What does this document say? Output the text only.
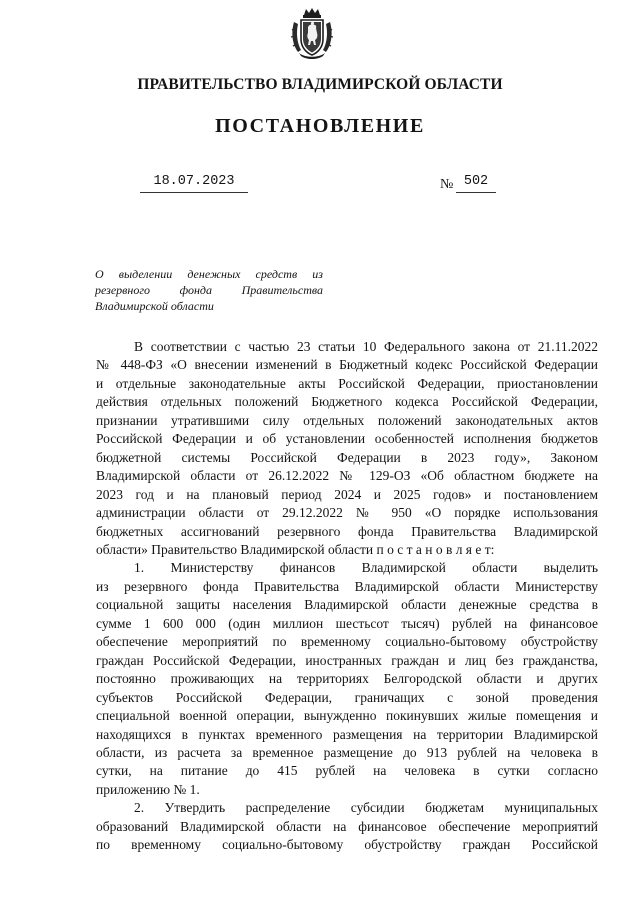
ПРАВИТЕЛЬСТВО ВЛАДИМИРСКОЙ ОБЛАСТИ
ПОСТАНОВЛЕНИЕ
18.07.2023	№ 502

О выделении денежных средств из
резервного фонда Правительства
Владимирской области

В соответствии с частью 23 статьи 10 Федерального закона от 21.11.2022
№ 448-ФЗ «О внесении изменений в Бюджетный кодекс Российской Федерации
и отдельные законодательные акты Российской Федерации, приостановлении
действия отдельных положений Бюджетного кодекса Российской Федерации,
признании утратившими силу отдельных положений законодательных актов
Российской Федерации и об установлении особенностей исполнения бюджетов
бюджетной системы Российской Федерации в 2023 году», Законом
Владимирской области от 26.12.2022 № 129-ОЗ «Об областном бюджете на
2023 год и на плановый период 2024 и 2025 годов» и постановлением
администрации области от 29.12.2022 № 950 «О порядке использования
бюджетных ассигнований резервного фонда Правительства Владимирской
области» Правительство Владимирской области п о с т а н о в л я е т:

1. Министерству финансов Владимирской области выделить
из резервного фонда Правительства Владимирской области Министерству
социальной защиты населения Владимирской области денежные средства в
сумме 1 600 000 (один миллион шестьсот тысяч) рублей на финансовое
обеспечение мероприятий по временному социально-бытовому обустройству
граждан Российской Федерации, иностранных граждан и лиц без гражданства,
постоянно проживающих на территориях Белгородской области и других
субъектов Российской Федерации, граничащих с зоной проведения
специальной военной операции, вынужденно покинувших жилые помещения и
находящихся в пунктах временного размещения на территории Владимирской
области, из расчета за временное размещение до 913 рублей на человека в
сутки, на питание до 415 рублей на человека в сутки согласно
приложению № 1.

2. Утвердить распределение субсидии бюджетам муниципальных
образований Владимирской области на финансовое обеспечение мероприятий
по временному социально-бытовому обустройству граждан Российской
